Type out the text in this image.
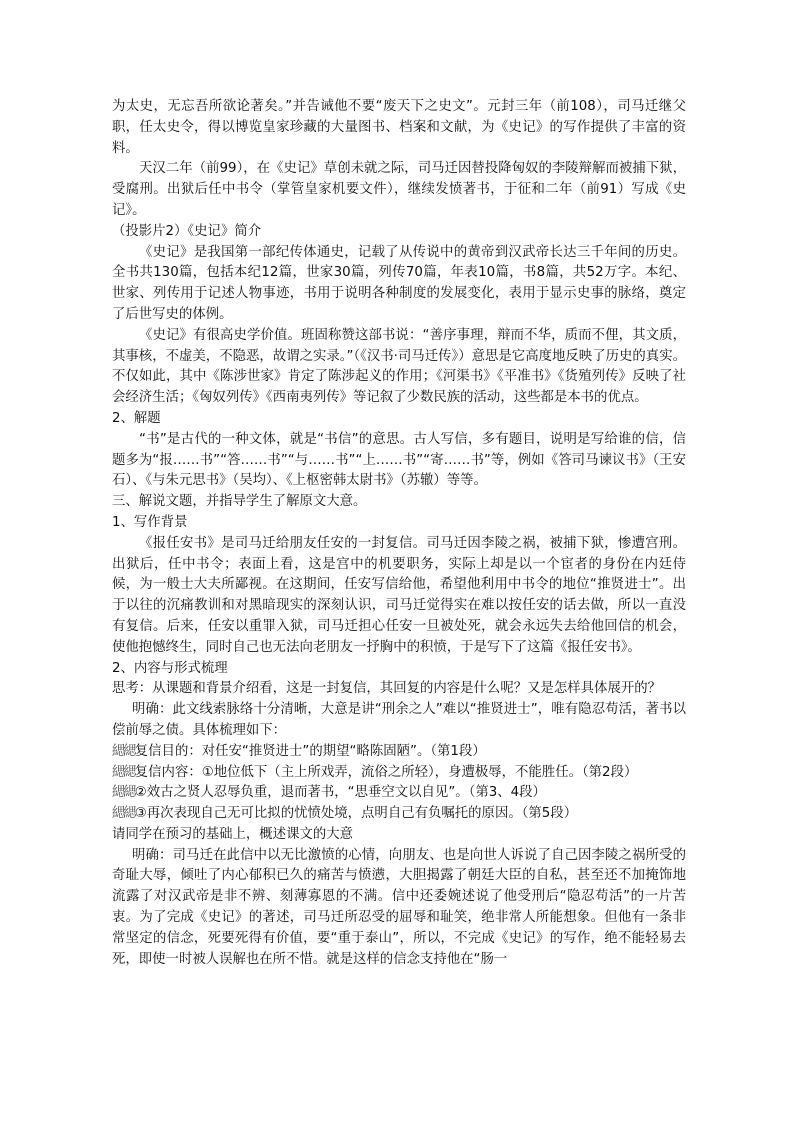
为太史，无忘吾所欲论著矣。”并告诫他不要“废天下之史文”。元封三年（前108），司马迁继父职，任太史令，得以博览皇家珍藏的大量图书、档案和文献，为《史记》的写作提供了丰富的资料。

天汉二年（前99），在《史记》草创未就之际，司马迁因替投降匈奴的李陵辩解而被捕下狱，受腐刑。出狱后任中书令（掌管皇家机要文件），继续发愤著书，于征和二年（前91）写成《史记》。

（投影片2）《史记》简介

《史记》是我国第一部纪传体通史，记载了从传说中的黄帝到汉武帝长达三千年间的历史。全书共130篇，包括本纪12篇，世家30篇，列传70篇，年表10篇，书8篇，共52万字。本纪、世家、列传用于记述人物事迹，书用于说明各种制度的发展变化，表用于显示史事的脉络，奠定了后世写史的体例。

《史记》有很高史学价值。班固称赞这部书说：“善序事理，辩而不华，质而不俚，其文质，其事核，不虚美，不隐恶，故谓之实录。”（《汉书·司马迁传》）意思是它高度地反映了历史的真实。不仅如此，其中《陈涉世家》肯定了陈涉起义的作用；《河渠书》《平准书》《货殖列传》反映了社会经济生活；《匈奴列传》《西南夷列传》等记叙了少数民族的活动，这些都是本书的优点。

2、解题

“书”是古代的一种文体，就是“书信”的意思。古人写信，多有题目，说明是写给谁的信，信题多为“报……书”“答……书”“与……书”“上……书”“寄……书”等，例如《答司马谏议书》（王安石）、《与朱元思书》（吴均）、《上枢密韩太尉书》（苏辙）等等。

三、解说文题，并指导学生了解原文大意。

1、写作背景

《报任安书》是司马迁给朋友任安的一封复信。司马迁因李陵之祸，被捕下狱，惨遭宫刑。出狱后，任中书令；表面上看，这是宫中的机要职务，实际上却是以一个宦者的身份在内廷侍候，为一般士大夫所鄙视。在这期间，任安写信给他，希望他利用中书令的地位“推贤进士”。出于以往的沉痛教训和对黑暗现实的深刻认识，司马迁觉得实在难以按任安的话去做，所以一直没有复信。后来，任安以重罪入狱，司马迁担心任安一旦被处死，就会永远失去给他回信的机会，使他抱憾终生，同时自己也无法向老朋友一抒胸中的积愤，于是写下了这篇《报任安书》。

2、内容与形式梳理

思考：从课题和背景介绍看，这是一封复信，其回复的内容是什么呢？又是怎样具体展开的？

明确：此文线索脉络十分清晰，大意是讲“刑余之人”难以“推贤进士”，唯有隐忍苟活，著书以偿前辱之债。具体梳理如下：

緦緦复信目的：对任安“推贤进士”的期望“略陈固陋”。（第1段）

緦緦复信内容：①地位低下（主上所戏弄，流俗之所轻），身遭极辱，不能胜任。（第2段）

緦緦②效古之贤人忍辱负重，退而著书，“思垂空文以自见”。（第3、4段）

緦緦③再次表现自己无可比拟的忧愤处境，点明自己有负嘱托的原因。（第5段）

请同学在预习的基础上，概述课文的大意

明确：司马迁在此信中以无比激愤的心情，向朋友、也是向世人诉说了自己因李陵之祸所受的奇耻大辱，倾吐了内心郁积已久的痛苦与愤懑，大胆揭露了朝廷大臣的自私，甚至还不加掩饰地流露了对汉武帝是非不辨、刻薄寡恩的不满。信中还委婉述说了他受刑后“隐忍苟活”的一片苦衷。为了完成《史记》的著述，司马迁所忍受的屈辱和耻笑，绝非常人所能想象。但他有一条非常坚定的信念，死要死得有价值，要“重于泰山”，所以，不完成《史记》的写作，绝不能轻易去死，即使一时被人误解也在所不惜。就是这样的信念支持他在“肠一
